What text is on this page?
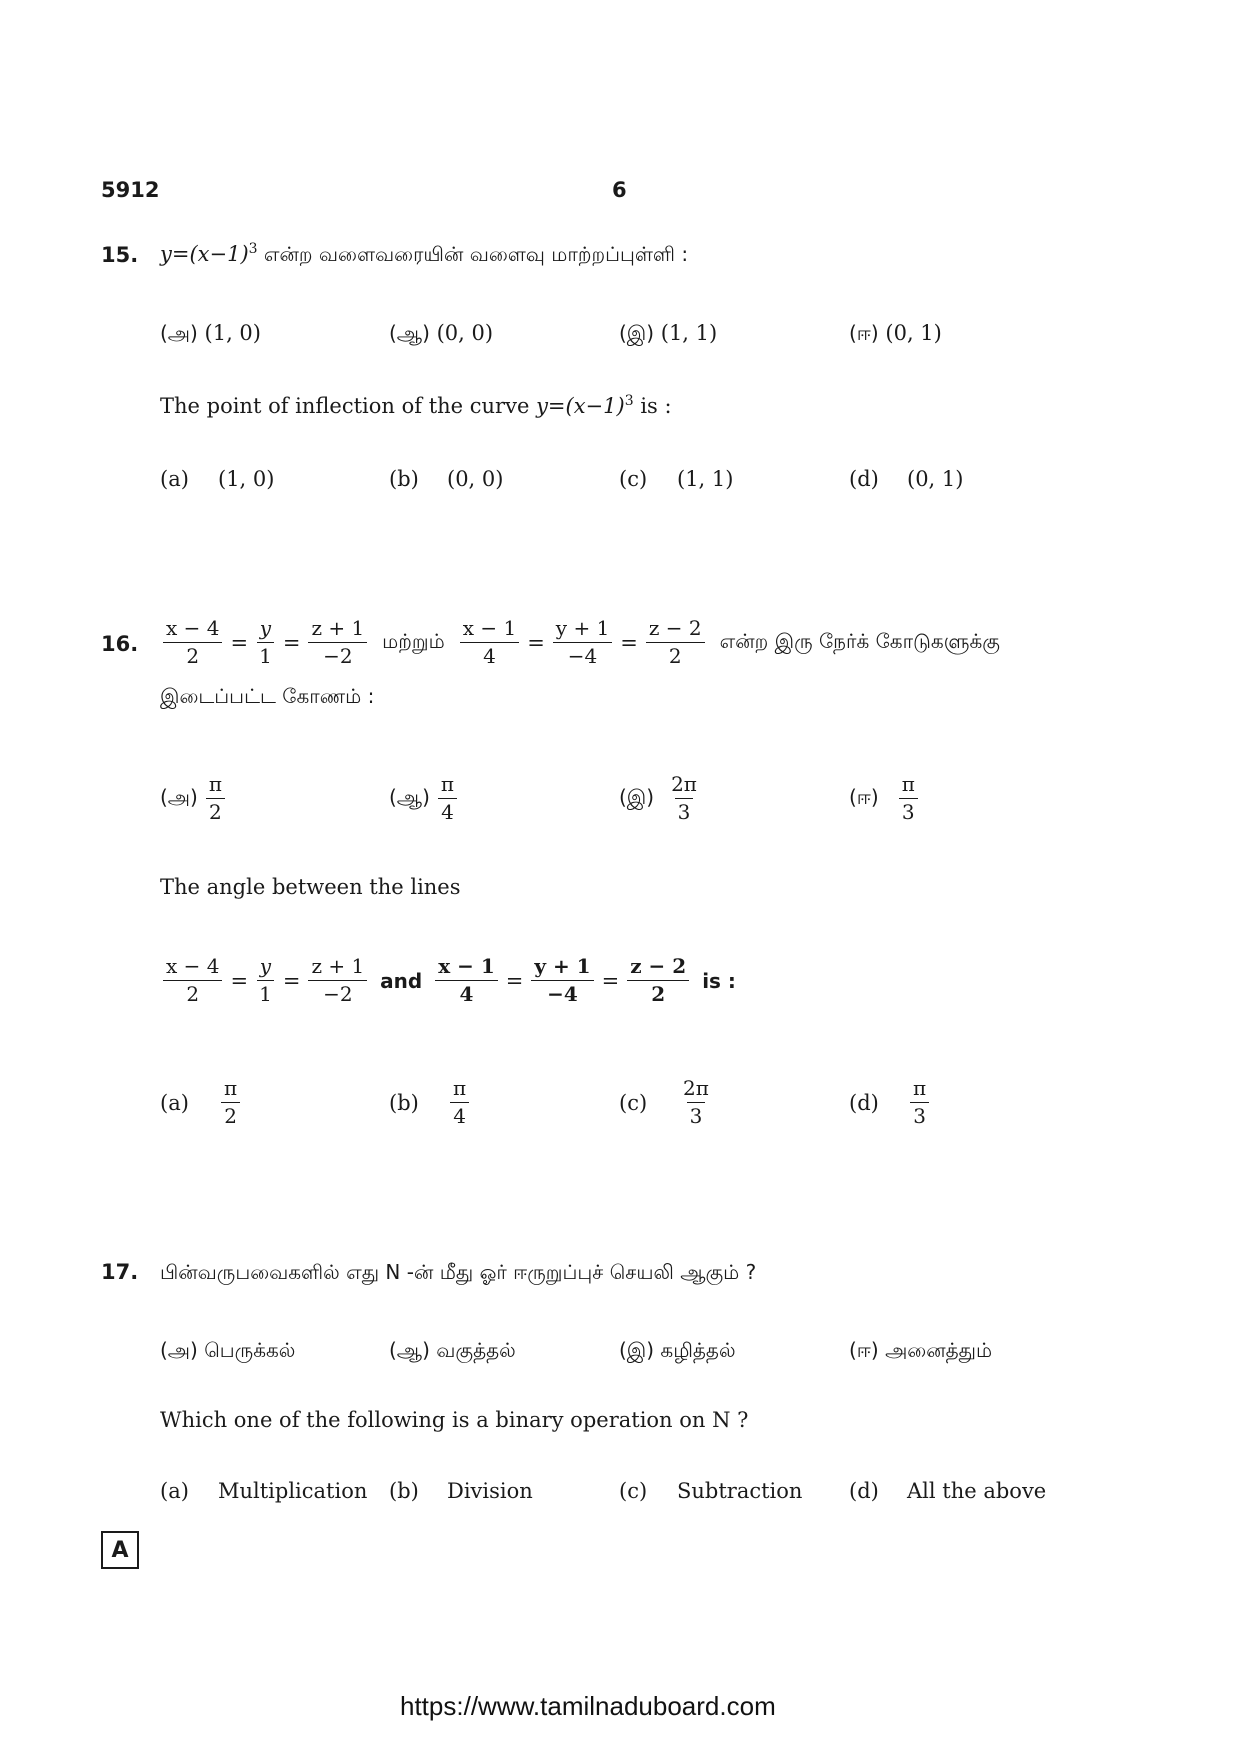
5912	6
15. $y=(x-1)^3$ என்ற வளைவரையின் வளைவு மாற்றப்புள்ளி :
(அ) (1, 0)	(ஆ) (0, 0)	(இ) (1, 1)	(ஈ) (0, 1)
The point of inflection of the curve $y=(x-1)^3$ is :
(a) (1, 0)	(b) (0, 0)	(c) (1, 1)	(d) (0, 1)
16. $\frac{x - 4}{2} = \frac{y}{1} = \frac{z + 1}{-2}$ மற்றும் $\frac{x - 1}{4} = \frac{y + 1}{-4} = \frac{z - 2}{2}$ என்ற இரு நேர்க் கோடுகளுக்கு
இடைப்பட்ட கோணம் :
(அ) $\frac{\pi}{2}$	(ஆ) $\frac{\pi}{4}$	(இ) $\frac{2\pi}{3}$	(ஈ) $\frac{\pi}{3}$
The angle between the lines
$\frac{x - 4}{2} = \frac{y}{1} = \frac{z + 1}{-2}$ and $\frac{x - 1}{4} = \frac{y + 1}{-4} = \frac{z - 2}{2}$ is :
(a)	$\frac{\pi}{2}$	(b)	$\frac{\pi}{4}$	(c)	$\frac{2\pi}{3}$	(d)	$\frac{\pi}{3}$
17. பின்வருபவைகளில் எது N -ன் மீது ஓர் ஈருறுப்புச் செயலி ஆகும் ?
(அ) பெருக்கல்	(ஆ) வகுத்தல்	(இ) கழித்தல்	(ஈ) அனைத்தும்
Which one of the following is a binary operation on N ?
(a) Multiplication (b) Division	(c) Subtraction (d) All the above
A
https://www.tamilnaduboard.com
